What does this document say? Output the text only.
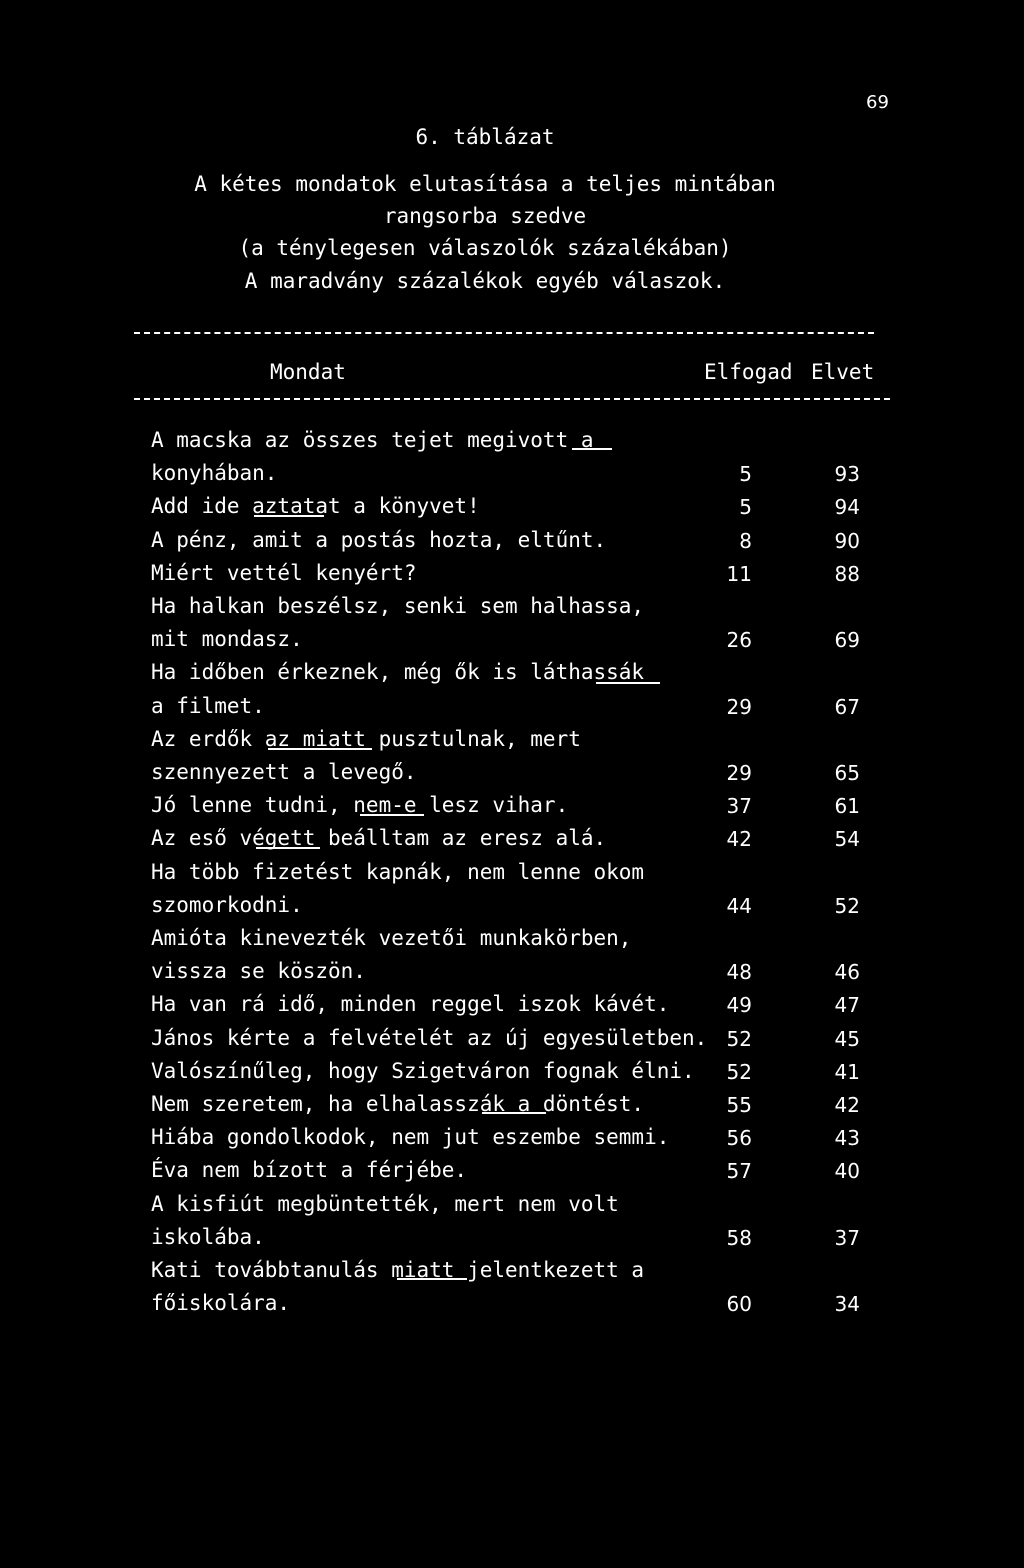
69
6. táblázat
A kétes mondatok elutasítása a teljes mintában
rangsorba szedve
(a ténylegesen válaszolók százalékában)
A maradvány százalékok egyéb válaszok.
Mondat	Elfogad Elvet
A macska az összes tejet megivott a
konyhában.	5	93
Add ide aztatat a könyvet!	5	94
A pénz, amit a postás hozta, eltűnt.	8	90
Miért vettél kenyért?	11	88
Ha halkan beszélsz, senki sem halhassa,
mit mondasz.	26	69
Ha időben érkeznek, még ők is láthassák
a filmet.	29	67
Az erdők az miatt pusztulnak, mert
szennyezett a levegő.	29	65
Jó lenne tudni, nem-e lesz vihar.	37	61
Az eső végett beálltam az eresz alá.	42	54
Ha több fizetést kapnák, nem lenne okom
szomorkodni.	44	52
Amióta kinevezték vezetői munkakörben,
vissza se köszön.	48	46
Ha van rá idő, minden reggel iszok kávét.	49	47
János kérte a felvételét az új egyesületben. 52	45
Valószínűleg, hogy Szigetváron fognak élni.	52	41
Nem szeretem, ha elhalasszák a döntést.	55	42
Hiába gondolkodok, nem jut eszembe semmi.	56	43
Éva nem bízott a férjébe.	57	40
A kisfiút megbüntették, mert nem volt
iskolába.	58	37
Kati továbbtanulás miatt jelentkezett a
főiskolára.	60	34
